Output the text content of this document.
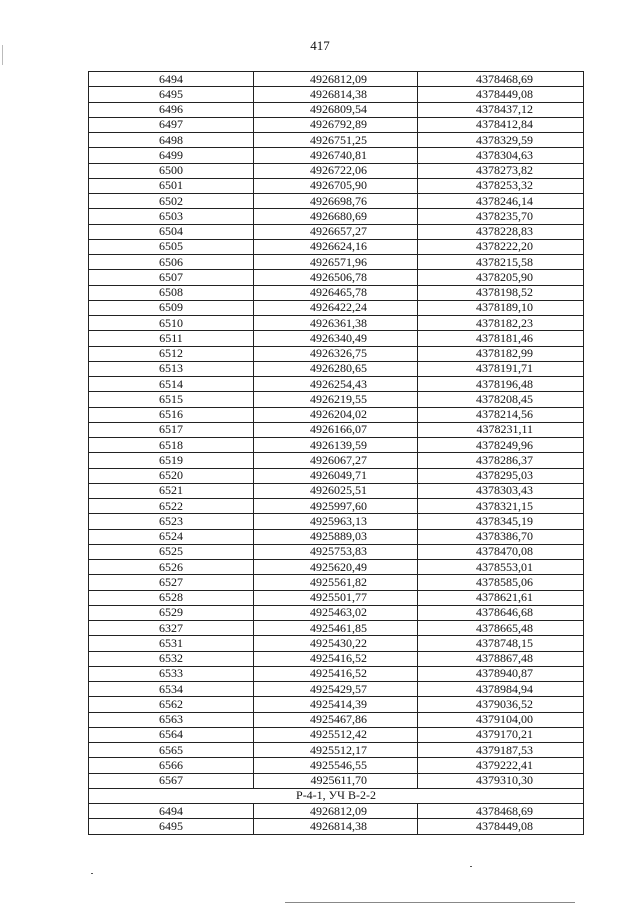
417
6494	4926812,09	4378468,69
6495	4926814,38	4378449,08
6496	4926809,54	4378437,12
6497	4926792,89	4378412,84
6498	4926751,25	4378329,59
6499	4926740,81	4378304,63
6500	4926722,06	4378273,82
6501	4926705,90	4378253,32
6502	4926698,76	4378246,14
6503	4926680,69	4378235,70
6504	4926657,27	4378228,83
6505	4926624,16	4378222,20
6506	4926571,96	4378215,58
6507	4926506,78	4378205,90
6508	4926465,78	4378198,52
6509	4926422,24	4378189,10
6510	4926361,38	4378182,23
6511	4926340,49	4378181,46
6512	4926326,75	4378182,99
6513	4926280,65	4378191,71
6514	4926254,43	4378196,48
6515	4926219,55	4378208,45
6516	4926204,02	4378214,56
6517	4926166,07	4378231,11
6518	4926139,59	4378249,96
6519	4926067,27	4378286,37
6520	4926049,71	4378295,03
6521	4926025,51	4378303,43
6522	4925997,60	4378321,15
6523	4925963,13	4378345,19
6524	4925889,03	4378386,70
6525	4925753,83	4378470,08
6526	4925620,49	4378553,01
6527	4925561,82	4378585,06
6528	4925501,77	4378621,61
6529	4925463,02	4378646,68
6327	4925461,85	4378665,48
6531	4925430,22	4378748,15
6532	4925416,52	4378867,48
6533	4925416,52	4378940,87
6534	4925429,57	4378984,94
6562	4925414,39	4379036,52
6563	4925467,86	4379104,00
6564	4925512,42	4379170,21
6565	4925512,17	4379187,53
6566	4925546,55	4379222,41
6567	4925611,70	4379310,30
Р-4-1, УЧ В-2-2		
6494	4926812,09	4378468,69
6495	4926814,38	4378449,08
